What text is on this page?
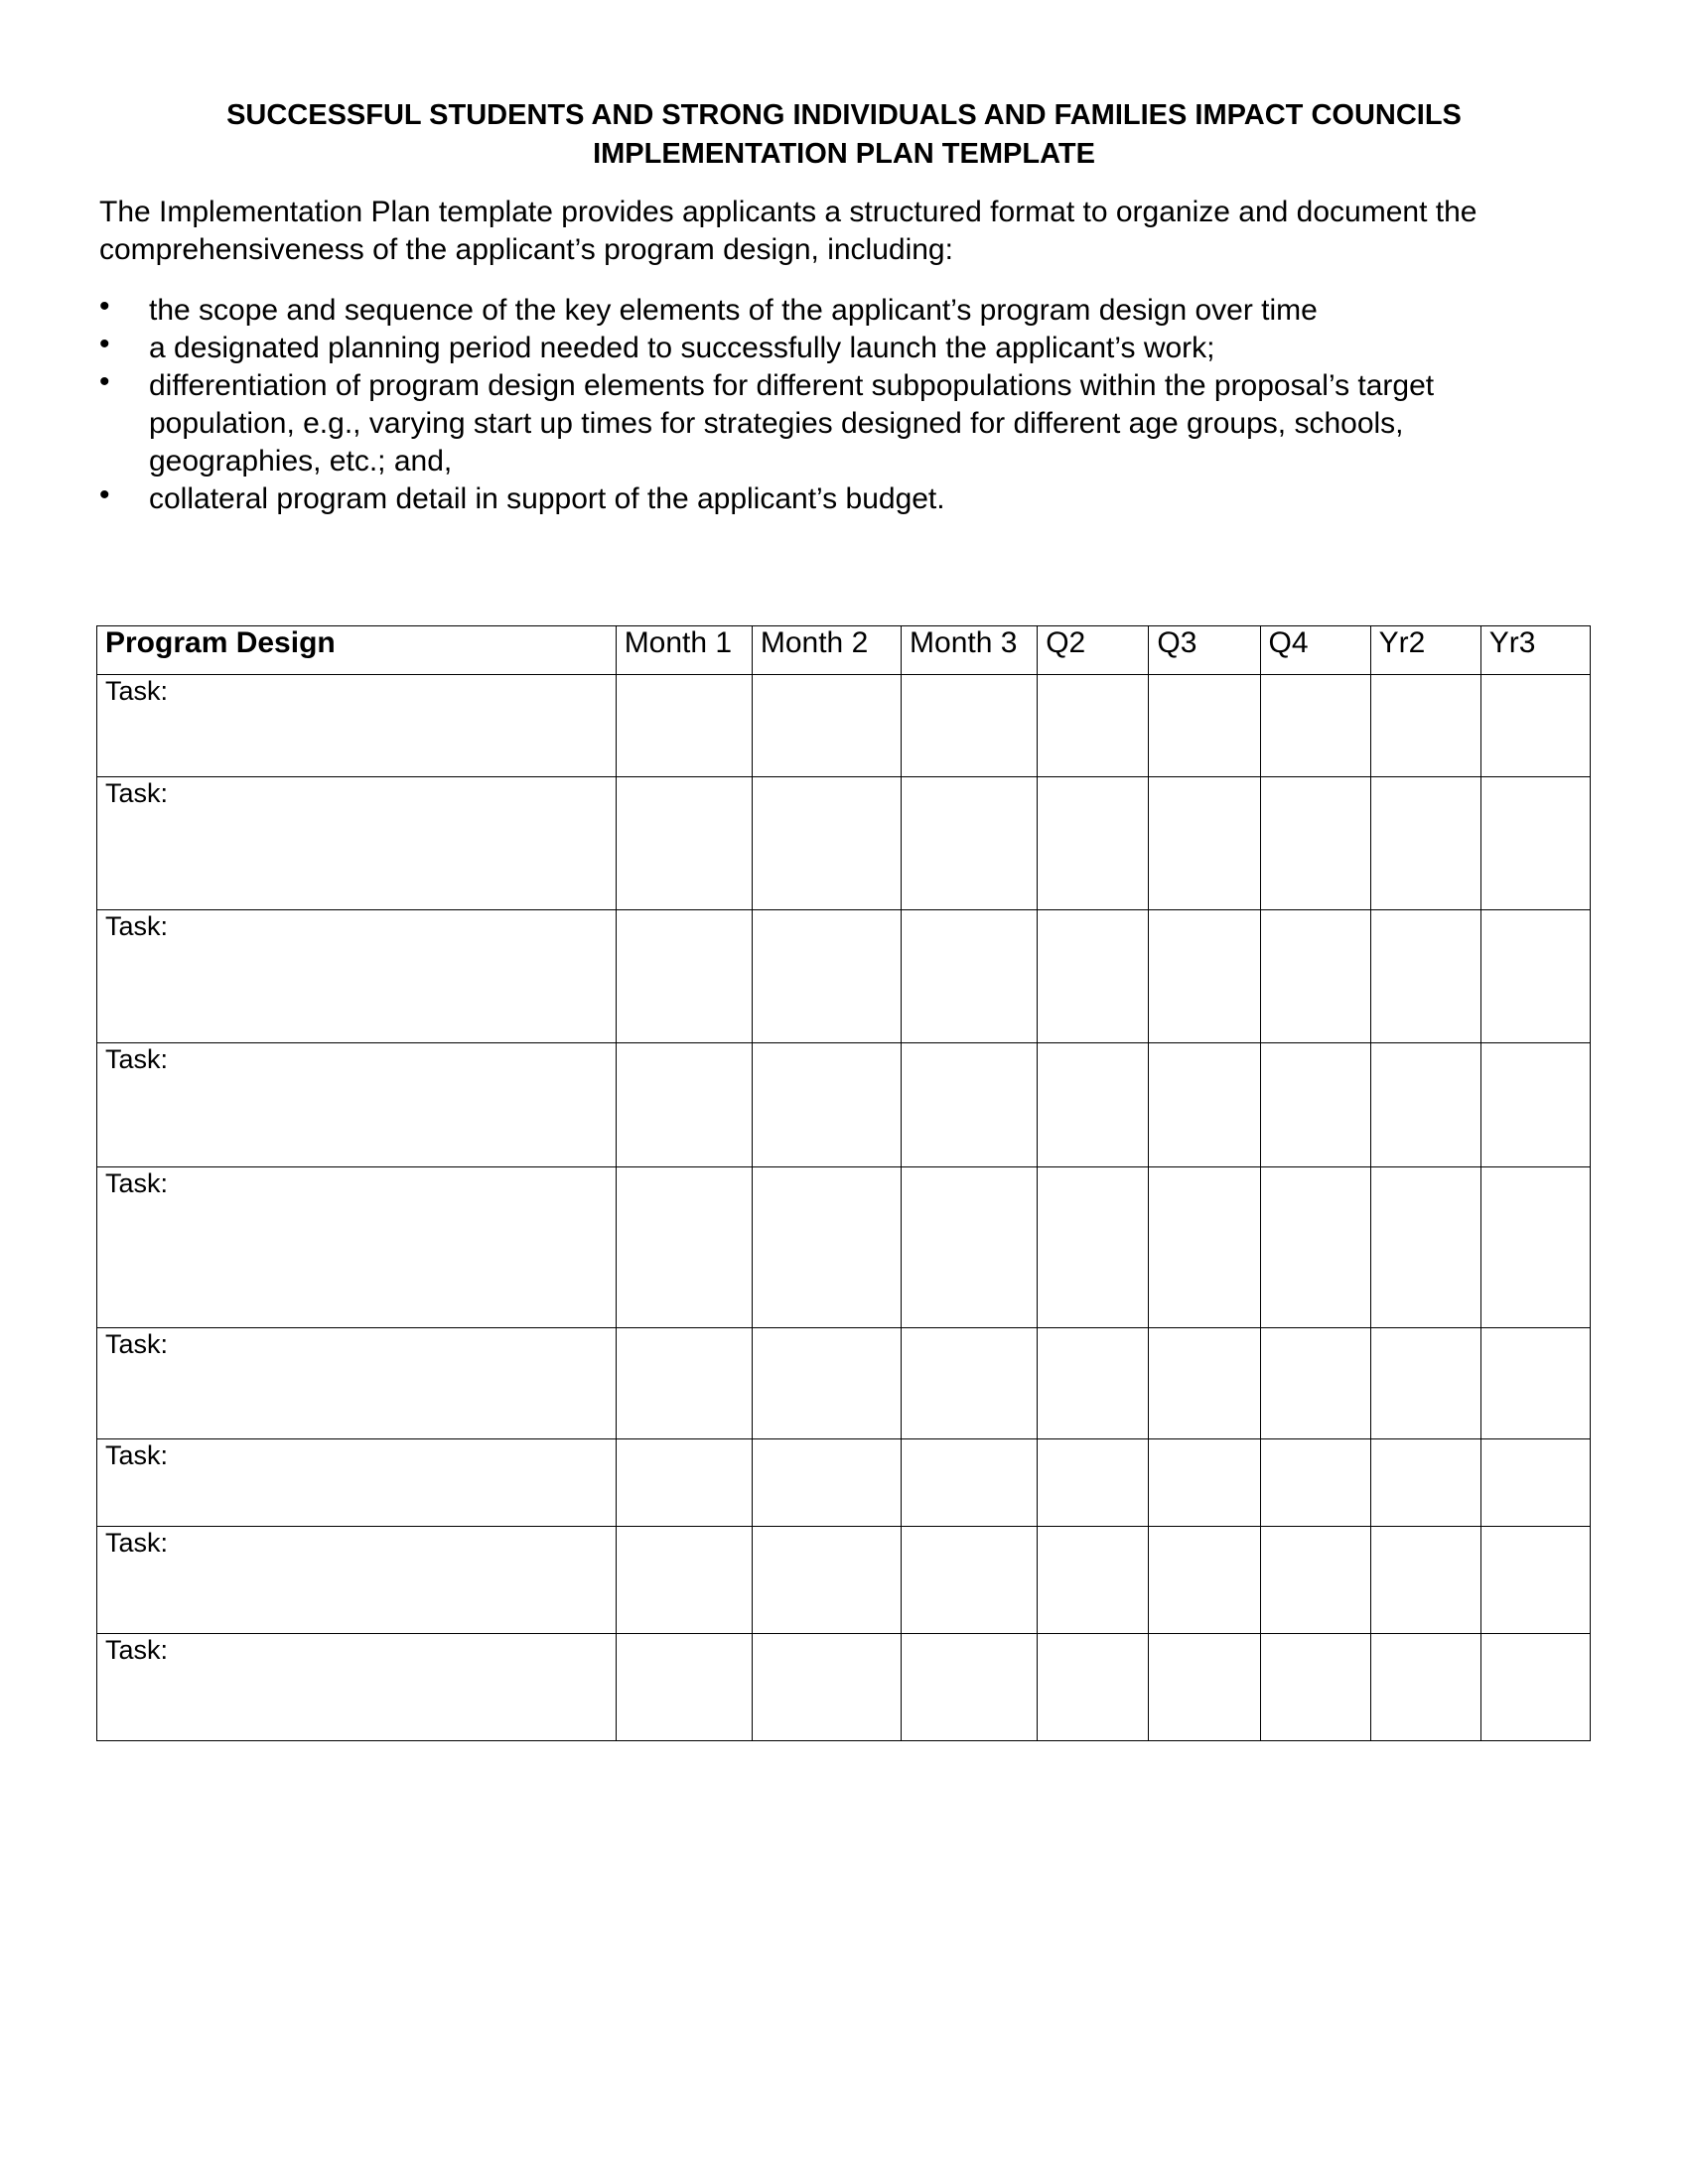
SUCCESSFUL STUDENTS AND STRONG INDIVIDUALS AND FAMILIES IMPACT COUNCILS
IMPLEMENTATION PLAN TEMPLATE

The Implementation Plan template provides applicants a structured format to organize and document the comprehensiveness of the applicant’s program design, including:

• the scope and sequence of the key elements of the applicant’s program design over time
• a designated planning period needed to successfully launch the applicant’s work;
• differentiation of program design elements for different subpopulations within the proposal’s target population, e.g., varying start up times for strategies designed for different age groups, schools, geographies, etc.; and,
• collateral program detail in support of the applicant’s budget.
Program Design	Month 1	Month 2	Month 3	Q2	Q3	Q4	Yr2	Yr3
Task:								
Task:								
Task:								
Task:								
Task:								
Task:								
Task:								
Task:								
Task:								
